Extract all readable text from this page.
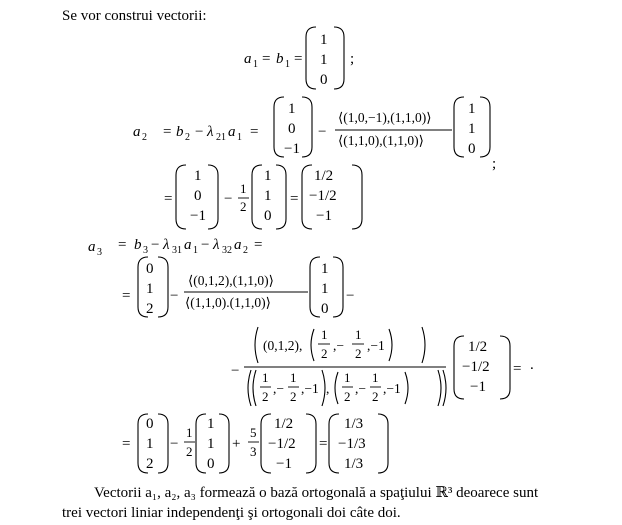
Se vor construi vectorii:

a 1 = b 1 =
1
1
0
;
a 2 = b 2 − λ 21 a 1 =
1
0
−1
−
⟨(1,0,−1),(1,1,0)⟩
⟨(1,1,0),(1,1,0)⟩
1
1
0
;
=
1
0
−1
−
1
2
1
1
0
=
1/2
−1/2
−1
a 3 = b 3 − λ 31 a 1 − λ 32 a 2 =
=
0
1
2
−
⟨(0,1,2),(1,1,0)⟩
⟨(1,1,0).(1,1,0)⟩
1
1
0
−
−
(0,1,2),
1
2
,−
1
2
,−1
1
2
,−
1
2
,−1 ,
1
2
,−
1
2
,−1
1/2
−1/2
−1
= .
=
0
1
2
−
1
2
1
1
0
+
5
3
1/2
−1/2
−1
=
1/3
−1/3
1/3

Vectorii a₁, a₂, a₃ formează o bază ortogonală a spaţiului ℝ³ deoarece sunt

trei vectori liniar independenţi şi ortogonali doi câte doi.
